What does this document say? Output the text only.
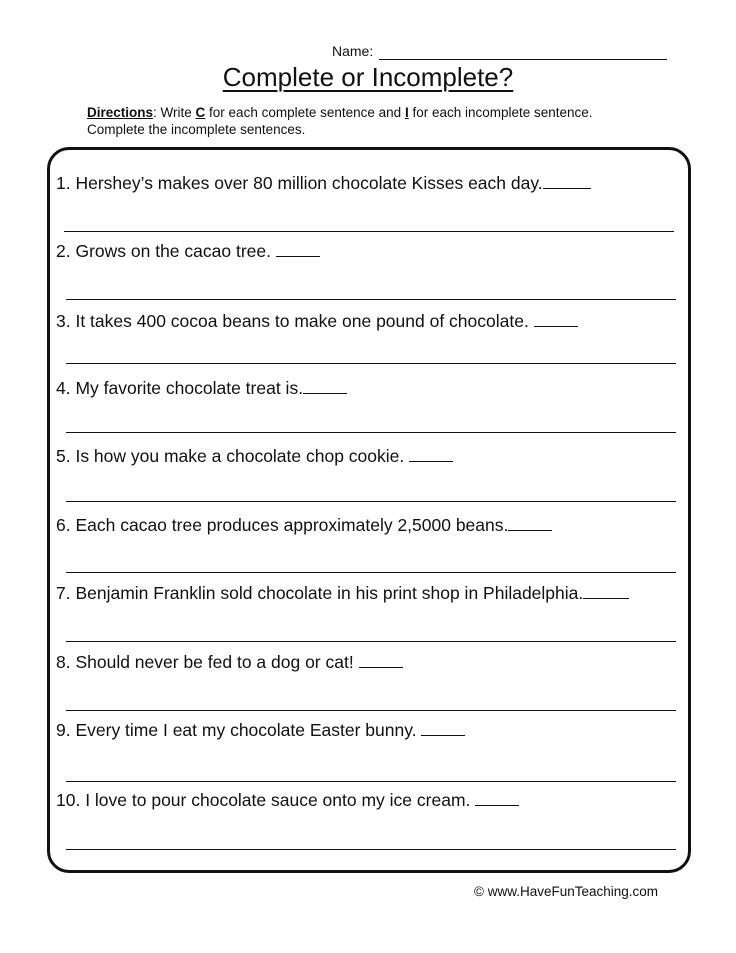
Name:
Complete or Incomplete?
Directions: Write C for each complete sentence and I for each incomplete sentence.
Complete the incomplete sentences.
1. Hershey’s makes over 80 million chocolate Kisses each day.
2. Grows on the cacao tree.
3. It takes 400 cocoa beans to make one pound of chocolate.
4. My favorite chocolate treat is.
5. Is how you make a chocolate chop cookie.
6. Each cacao tree produces approximately 2,5000 beans.
7. Benjamin Franklin sold chocolate in his print shop in Philadelphia.
8. Should never be fed to a dog or cat!
9. Every time I eat my chocolate Easter bunny.
10. I love to pour chocolate sauce onto my ice cream.
© www.HaveFunTeaching.com
